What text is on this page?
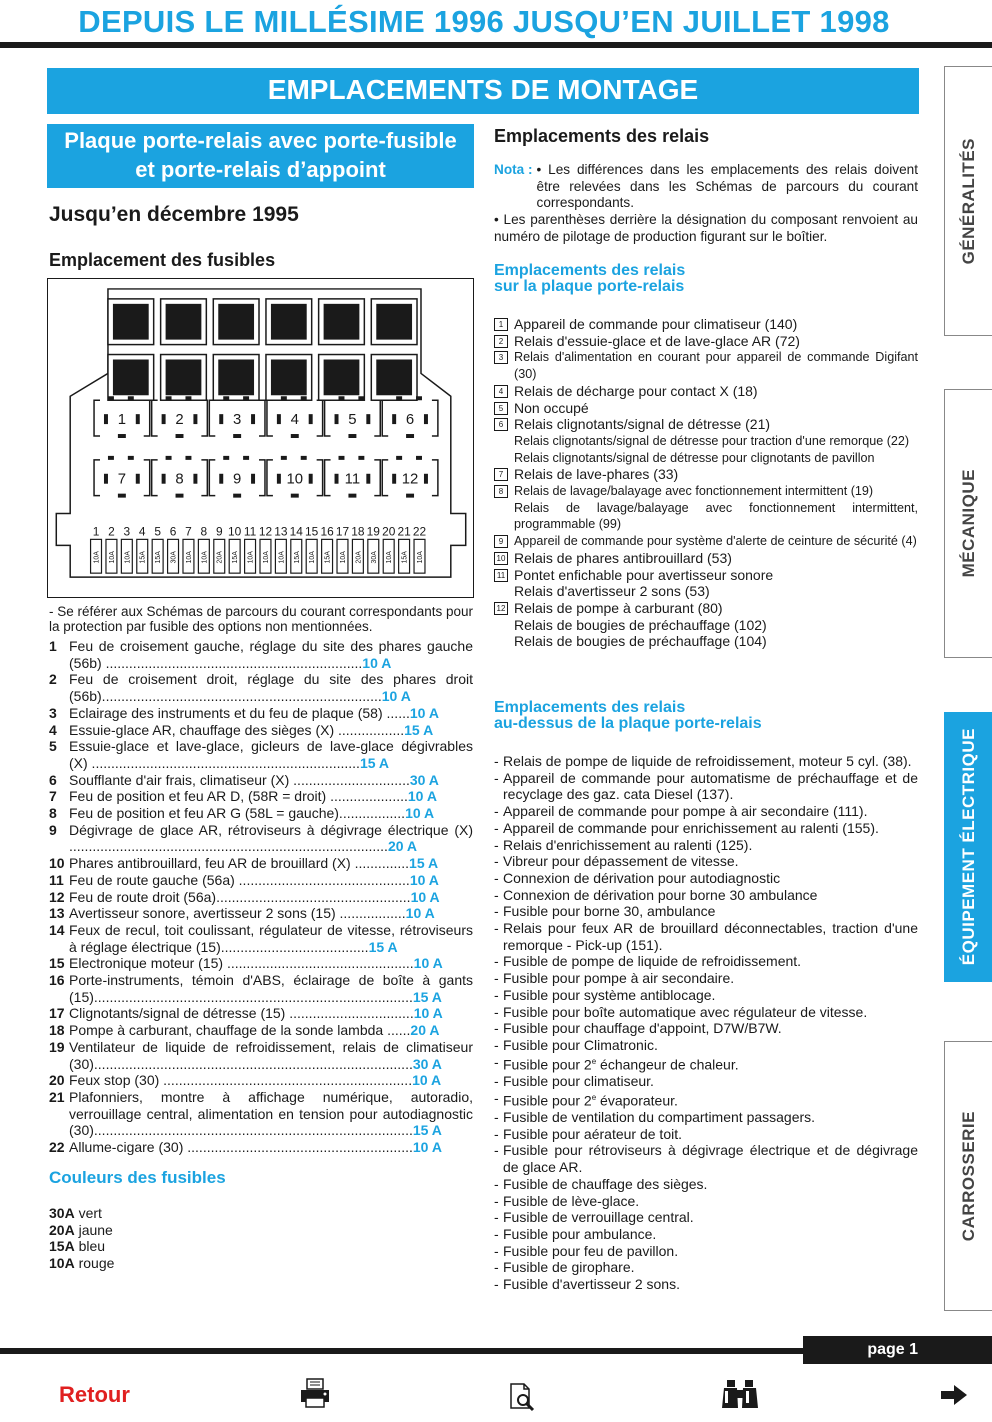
DEPUIS LE MILLÉSIME 1996 JUSQU’EN JUILLET 1998
EMPLACEMENTS DE MONTAGE
Plaque porte-relais avec porte-fusible
et porte-relais d’appoint
Jusqu’en décembre 1995
Emplacement des fusibles
1	2	3	4	5	6
7	8	9	10	11	12
1
10A
2
10A
3
10A
4
15A
5
15A
6
30A
7
10A
8
10A
9
20A
10
15A
11
10A
12
10A
13
10A
14
15A
15
10A
16
15A
17
10A
18
20A
19
30A
20
10A
21
15A
22
10A
- Se référer aux Schémas de parcours du courant correspondants pour la protection par fusible des options non mentionnées.
1 Feu de croisement gauche, réglage du site des phares gauche (56b) ..................................................................10 A
2 Feu de croisement droit, réglage du site des phares droit (56b)........................................................................10 A
3 Eclairage des instruments et du feu de plaque (58) ......10 A
4 Essuie-glace AR, chauffage des sièges (X) .................15 A
5 Essuie-glace et lave-glace, gicleurs de lave-glace dégivrables (X) .....................................................................15 A
6 Soufflante d'air frais, climatiseur (X) ..............................30 A
7 Feu de position et feu AR D, (58R = droit) ....................10 A
8 Feu de position et feu AR G (58L = gauche).................10 A
9 Dégivrage de glace AR, rétroviseurs à dégivrage électrique (X) ..................................................................................20 A
10 Phares antibrouillard, feu AR de brouillard (X) ..............15 A
11 Feu de route gauche (56a) ............................................10 A
12 Feu de route droit (56a)..................................................10 A
13 Avertisseur sonore, avertisseur 2 sons (15) .................10 A
14 Feux de recul, toit coulissant, régulateur de vitesse, rétroviseurs à réglage électrique (15)......................................15 A
15 Electronique moteur (15) ................................................10 A
16 Porte-instruments, témoin d'ABS, éclairage de boîte à gants (15)..................................................................................15 A
17 Clignotants/signal de détresse (15) ................................10 A
18 Pompe à carburant, chauffage de la sonde lambda ......20 A
19 Ventilateur de liquide de refroidissement, relais de climatiseur (30)..................................................................................30 A
20 Feux stop (30) ................................................................10 A
21 Plafonniers, montre à affichage numérique, autoradio, verrouillage central, alimentation en tension pour autodiagnostic (30)..................................................................................15 A
22 Allume-cigare (30) ..........................................................10 A
Couleurs des fusibles
30A vert
20A jaune
15A bleu
10A rouge
Emplacements des relais
Nota : • Les différences dans les emplacements des relais doivent être relevées dans les Schémas de parcours du courant correspondants.
• Les parenthèses derrière la désignation du composant renvoient au numéro de pilotage de production figurant sur le boîtier.
Emplacements des relais
sur la plaque porte-relais
1 Appareil de commande pour climatiseur (140)
2 Relais d'essuie-glace et de lave-glace AR (72)
3 Relais d'alimentation en courant pour appareil de commande Digifant (30)
4 Relais de décharge pour contact X (18)
5 Non occupé
6 Relais clignotants/signal de détresse (21)
Relais clignotants/signal de détresse pour traction d'une remorque (22)
Relais clignotants/signal de détresse pour clignotants de pavillon
7 Relais de lave-phares (33)
8 Relais de lavage/balayage avec fonctionnement intermittent (19)
Relais de lavage/balayage avec fonctionnement intermittent, programmable (99)
9 Appareil de commande pour système d'alerte de ceinture de sécurité (4)
10 Relais de phares antibrouillard (53)
11 Pontet enfichable pour avertisseur sonore
Relais d'avertisseur 2 sons (53)
12 Relais de pompe à carburant (80)
Relais de bougies de préchauffage (102)
Relais de bougies de préchauffage (104)
Emplacements des relais
au-dessus de la plaque porte-relais
- Relais de pompe de liquide de refroidissement, moteur 5 cyl. (38).
- Appareil de commande pour automatisme de préchauffage et de recyclage des gaz. cata Diesel (137).
- Appareil de commande pour pompe à air secondaire (111).
- Appareil de commande pour enrichissement au ralenti (155).
- Relais d'enrichissement au ralenti (125).
- Vibreur pour dépassement de vitesse.
- Connexion de dérivation pour autodiagnostic
- Connexion de dérivation pour borne 30 ambulance
- Fusible pour borne 30, ambulance
- Relais pour feux AR de brouillard déconnectables, traction d'une remorque - Pick-up (151).
- Fusible de pompe de liquide de refroidissement.
- Fusible pour pompe à air secondaire.
- Fusible pour système antiblocage.
- Fusible pour boîte automatique avec régulateur de vitesse.
- Fusible pour chauffage d'appoint, D7W/B7W.
- Fusible pour Climatronic.
- Fusible pour 2e échangeur de chaleur.
- Fusible pour climatiseur.
- Fusible pour 2e évaporateur.
- Fusible de ventilation du compartiment passagers.
- Fusible pour aérateur de toit.
- Fusible pour rétroviseurs à dégivrage électrique et de dégivrage de glace AR.
- Fusible de chauffage des sièges.
- Fusible de lève-glace.
- Fusible de verrouillage central.
- Fusible pour ambulance.
- Fusible pour feu de pavillon.
- Fusible de girophare.
- Fusible d'avertisseur 2 sons.
GÉNÉRALITÉS
MÉCANIQUE
ÉQUIPEMENT ÉLECTRIQUE
CARROSSERIE
page 1
Retour
